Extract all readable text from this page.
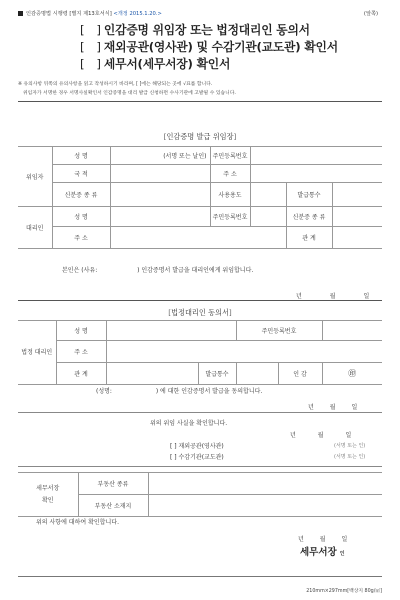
인감증명법 시행령 [별지 제13호서식] <개정 2015.1.20.>	(앞쪽)
[ ] 인감증명 위임장 또는 법정대리인 동의서
[ ] 재외공관(영사관) 및 수감기관(교도관) 확인서
[ ] 세무서(세무서장) 확인서
※ 유의사항 뒤쪽의 유의사항을 읽고 작성하시기 바라며, [ ]에는 해당되는 곳에 √표를 합니다.
위임자가 서명한 경우 서명사실확인서 인감증명을 대리 발급 신청하면 수사기관에 고발될 수 있습니다.
[인감증명 발급 위임장]
위임자	성 명	(서명 또는 날인)	주민등록번호			
	국 적		주 소			
	신분증 종 류		사용용도		발급통수	
대리인	성 명		주민등록번호		신분증 종 류	
	주 소				관 계	
본인은 (사유:	) 인감증명서 발급을 대리인에게 위임합니다.
년	월	일
[법정대리인 동의서]
법정 대리인	성 명			주민등록번호		
	주 소					
	관 계		발급통수		인 감	㊞
(성명:	) 에 대한 인감증명서 발급을 동의합니다.
년	월	일
위의 위임 사실을 확인합니다.
년	월	일
[ ] 재외공관(영사관)	(서명 또는 인)
[ ] 수감기관(교도관)	(서명 또는 인)
세무서장
확인	부동산 종류	
	부동산 소재지	
위의 사항에 대하여 확인합니다.
년	월	일
세무서장 인
210mm×297mm[백상지 80g/㎡]
